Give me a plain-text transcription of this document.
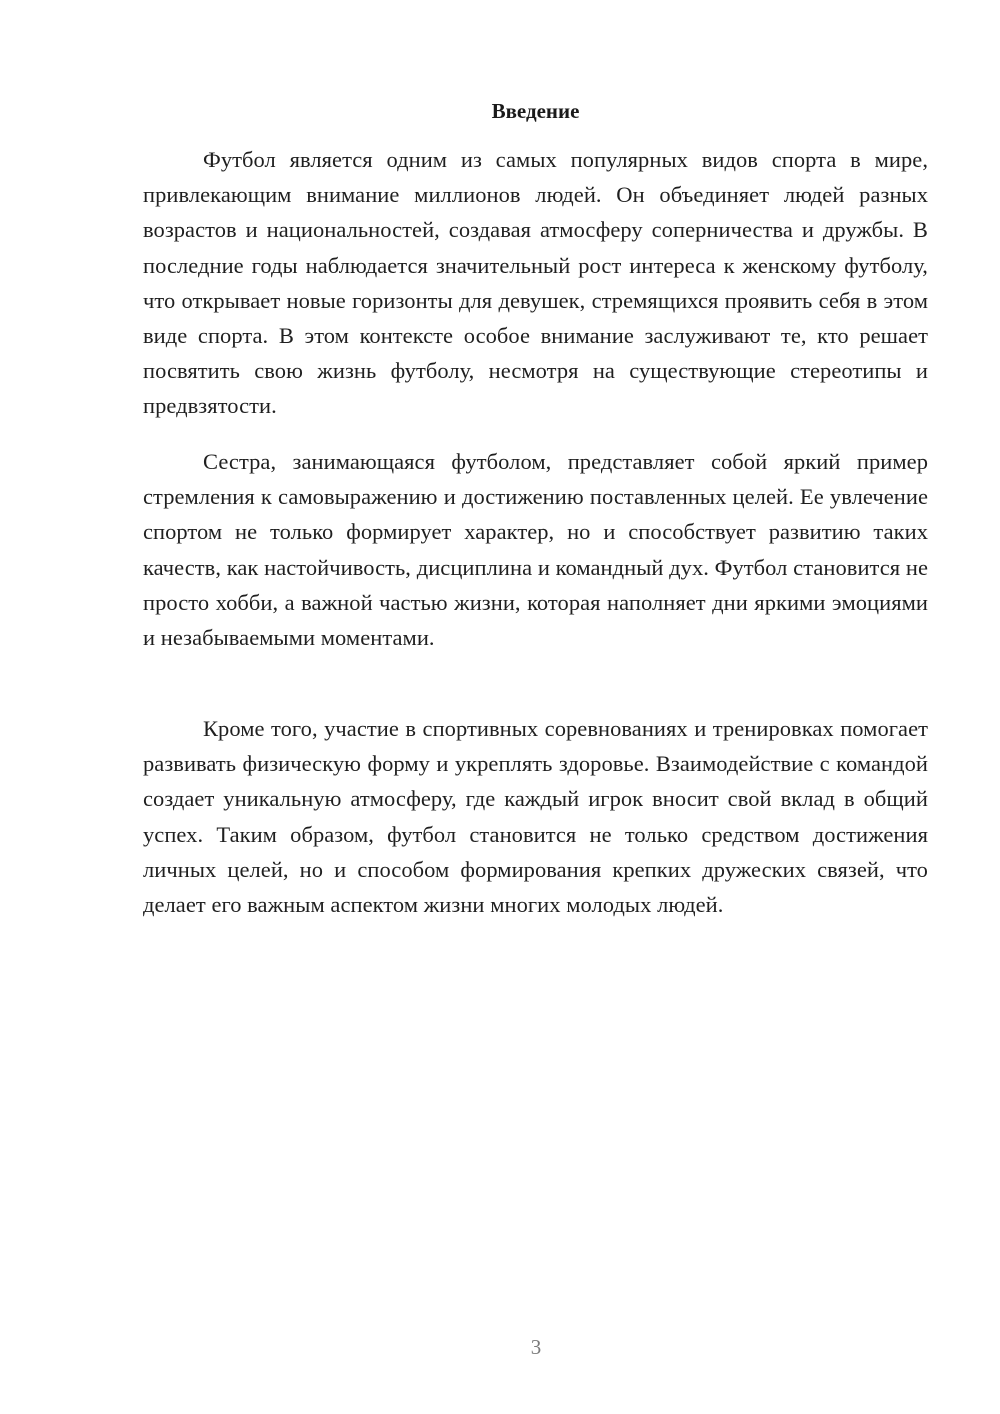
Введение

Футбол является одним из самых популярных видов спорта в мире, привлекающим внимание миллионов людей. Он объединяет людей разных возрастов и национальностей, создавая атмосферу соперничества и дружбы. В последние годы наблюдается значительный рост интереса к женскому футболу, что открывает новые горизонты для девушек, стремящихся проявить себя в этом виде спорта. В этом контексте особое внимание заслуживают те, кто решает посвятить свою жизнь футболу, несмотря на существующие стереотипы и предвзятости.

Сестра, занимающаяся футболом, представляет собой яркий пример стремления к самовыражению и достижению поставленных целей. Ее увлечение спортом не только формирует характер, но и способствует развитию таких качеств, как настойчивость, дисциплина и командный дух. Футбол становится не просто хобби, а важной частью жизни, которая наполняет дни яркими эмоциями и незабываемыми моментами.

Кроме того, участие в спортивных соревнованиях и тренировках помогает развивать физическую форму и укреплять здоровье. Взаимодействие с командой создает уникальную атмосферу, где каждый игрок вносит свой вклад в общий успех. Таким образом, футбол становится не только средством достижения личных целей, но и способом формирования крепких дружеских связей, что делает его важным аспектом жизни многих молодых людей.

3
